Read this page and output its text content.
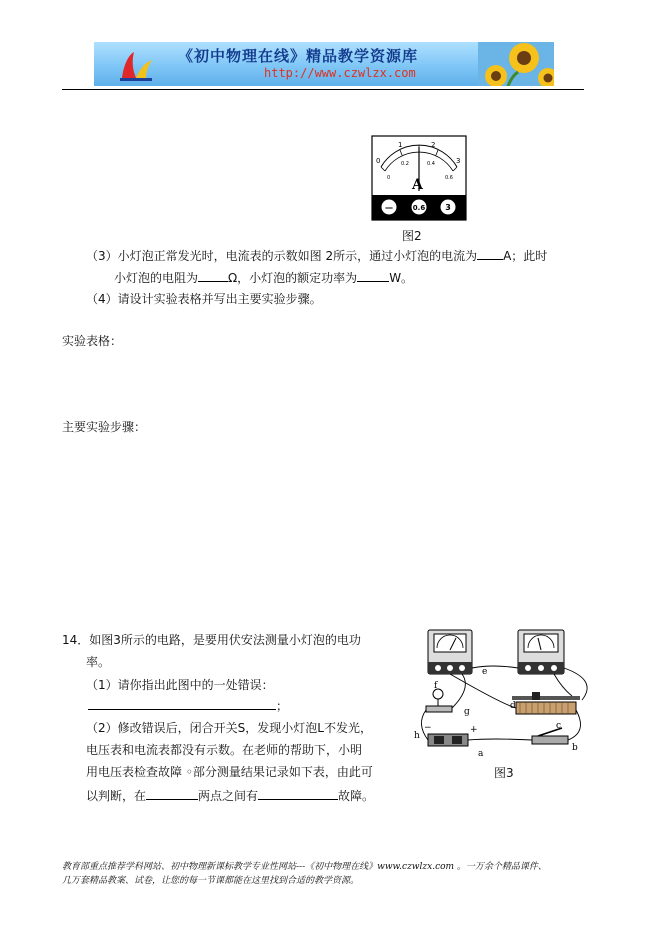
《初中物理在线》精品教学资源库
http://www.czwlzx.com
0
1	2
3
0
0.2	0.4
0.6
A
—	0.6	3
图2
（3）小灯泡正常发光时，电流表的示数如图 2所示，通过小灯泡的电流为 A；此时
小灯泡的电阻为	Ω，小灯泡的额定功率为	W。
（4）请设计实验表格并写出主要实验步骤。
实验表格：
主要实验步骤：
14．如图3所示的电路，是要用伏安法测量小灯泡的电功
率。
（1）请你指出此图中的一处错误：
；
（2）修改错误后，闭合开关S，发现小灯泡L不发光，
电压表和电流表都没有示数。在老师的帮助下，小明
用电压表检查故障 ◦部分测量结果记录如下表，由此可
以判断，在	两点之间有	故障。
e
f
g
d
c
h
a
b
+
−
图3
教育部重点推荐学科网站、初中物理新课标教学专业性网站---《初中物理在线》www.czwlzx.com 。一万余个精品课件、
几万套精品教案、试卷，让您的每一节课都能在这里找到合适的教学资源。
